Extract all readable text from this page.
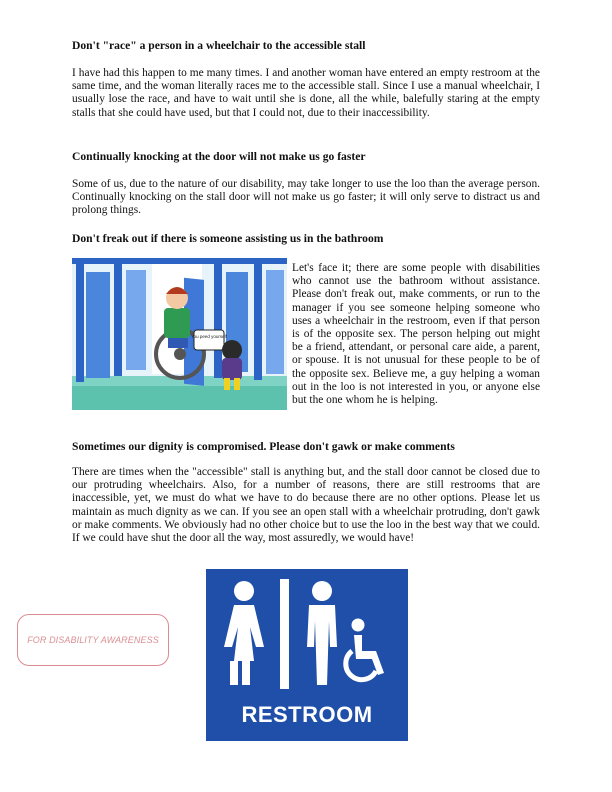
Don't "race" a person in a wheelchair to the accessible stall

I have had this happen to me many times. I and another woman have entered an empty restroom at the same time, and the woman literally races me to the accessible stall. Since I use a manual wheelchair, I usually lose the race, and have to wait until she is done, all the while, balefully staring at the empty stalls that she could have used, but that I could not, due to their inaccessibility.

Continually knocking at the door will not make us go faster

Some of us, due to the nature of our disability, may take longer to use the loo than the average person. Continually knocking on the stall door will not make us go faster; it will only serve to distract us and prolong things.

Don't freak out if there is someone assisting us in the bathroom
You peed yourself

Let's face it; there are some people with disabilities who cannot use the bathroom without assistance. Please don't freak out, make comments, or run to the manager if you see someone helping someone who uses a wheelchair in the restroom, even if that person is of the opposite sex. The person helping out might be a friend, attendant, or personal care aide, a parent, or spouse. It is not unusual for these people to be of the opposite sex. Believe me, a guy helping a woman out in the loo is not interested in you, or anyone else but the one whom he is helping.

Sometimes our dignity is compromised. Please don't gawk or make comments

There are times when the "accessible" stall is anything but, and the stall door cannot be closed due to our protruding wheelchairs. Also, for a number of reasons, there are still restrooms that are inaccessible, yet, we must do what we have to do because there are no other options. Please let us maintain as much dignity as we can. If you see an open stall with a wheelchair protruding, don't gawk or make comments. We obviously had no other choice but to use the loo in the best way that we could. If we could have shut the door all the way, most assuredly, we would have!

FOR DISABILITY AWARENESS
RESTROOM
